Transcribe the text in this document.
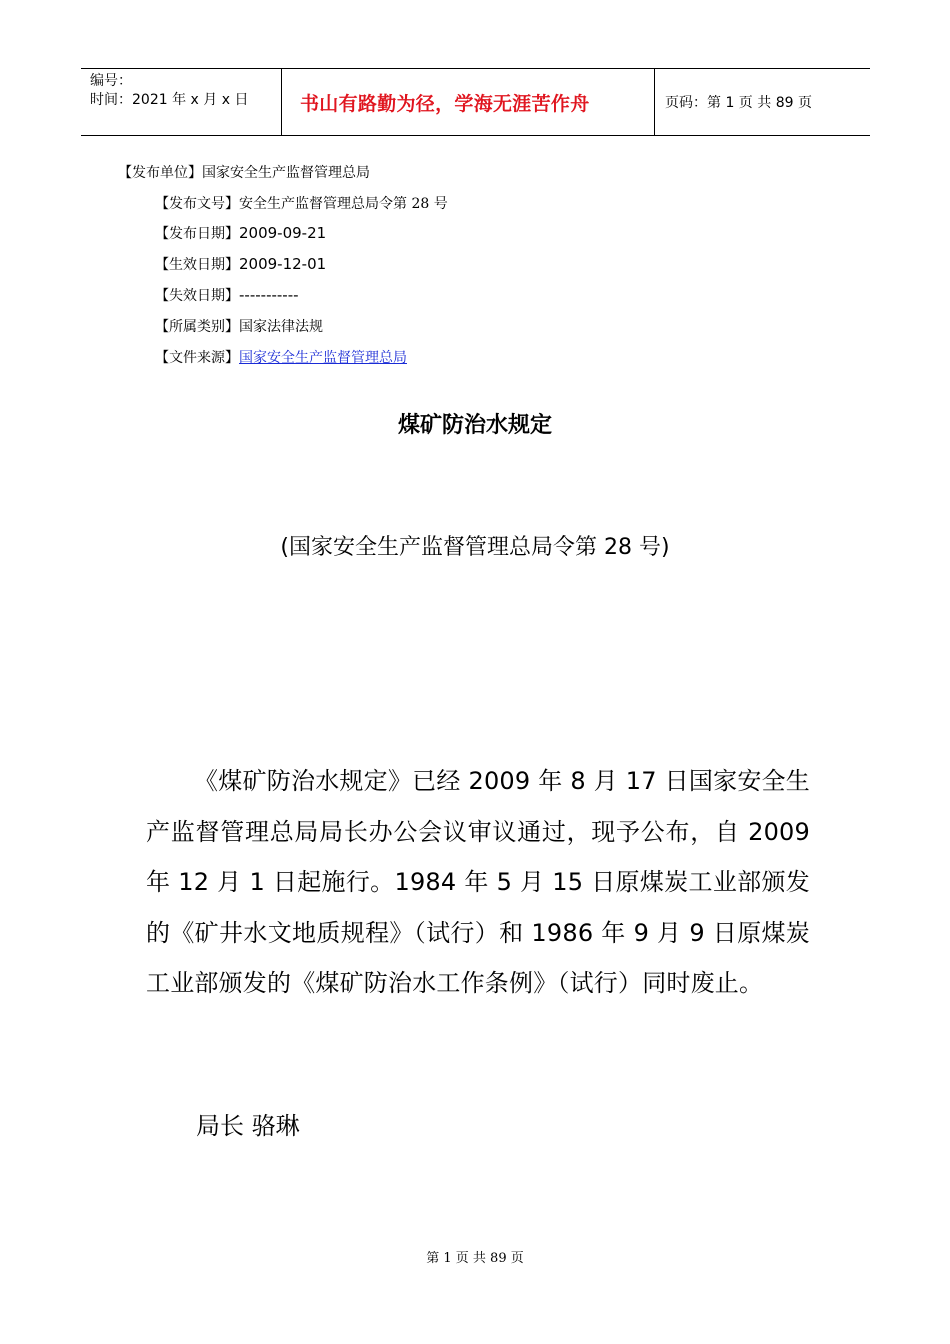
编号：
时间：2021 年 x 月 x 日	书山有路勤为径，学海无涯苦作舟	页码：第 1 页 共 89 页
【发布单位】国家安全生产监督管理总局
【发布文号】安全生产监督管理总局令第 28 号
【发布日期】2009-09-21
【生效日期】2009-12-01
【失效日期】-----------
【所属类别】国家法律法规
【文件来源】国家安全生产监督管理总局
煤矿防治水规定
(国家安全生产监督管理总局令第 28 号)
《煤矿防治水规定》已经 2009 年 8 月 17 日国家安全生产监督管理总局局长办公会议审议通过，现予公布，自 2009 年 12 月 1 日起施行。1984 年 5 月 15 日原煤炭工业部颁发的《矿井水文地质规程》（试行）和 1986 年 9 月 9 日原煤炭工业部颁发的《煤矿防治水工作条例》（试行）同时废止。
局长 骆琳
第 1 页 共 89 页
